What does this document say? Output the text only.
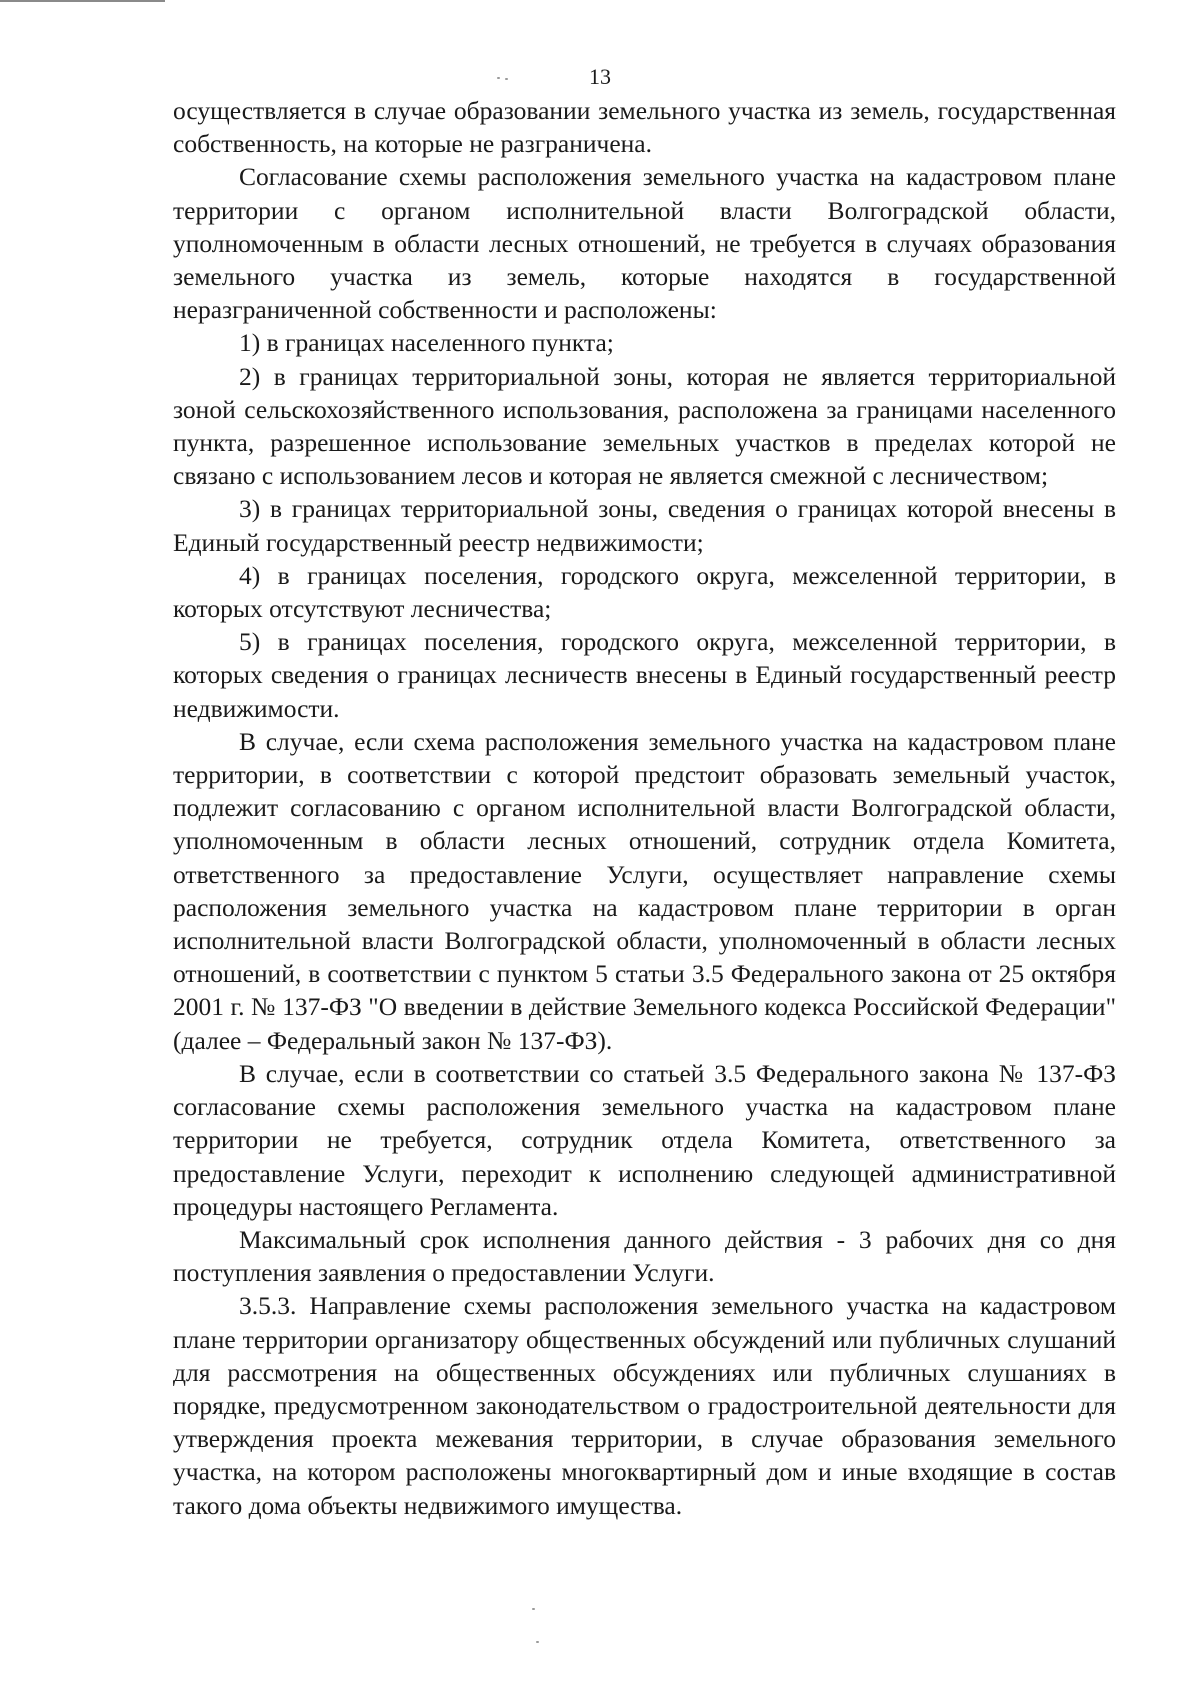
13

осуществляется в случае образовании земельного участка из земель, государственная собственность, на которые не разграничена.

Согласование схемы расположения земельного участка на кадастровом плане территории с органом исполнительной власти Волгоградской области, уполномоченным в области лесных отношений, не требуется в случаях образования земельного участка из земель, которые находятся в государственной неразграниченной собственности и расположены:

1) в границах населенного пункта;

2) в границах территориальной зоны, которая не является территориальной зоной сельскохозяйственного использования, расположена за границами населенного пункта, разрешенное использование земельных участков в пределах которой не связано с использованием лесов и которая не является смежной с лесничеством;

3) в границах территориальной зоны, сведения о границах которой внесены в Единый государственный реестр недвижимости;

4) в границах поселения, городского округа, межселенной территории, в которых отсутствуют лесничества;

5) в границах поселения, городского округа, межселенной территории, в которых сведения о границах лесничеств внесены в Единый государственный реестр недвижимости.

В случае, если схема расположения земельного участка на кадастровом плане территории, в соответствии с которой предстоит образовать земельный участок, подлежит согласованию с органом исполнительной власти Волгоградской области, уполномоченным в области лесных отношений, сотрудник отдела Комитета, ответственного за предоставление Услуги, осуществляет направление схемы расположения земельного участка на кадастровом плане территории в орган исполнительной власти Волгоградской области, уполномоченный в области лесных отношений, в соответствии с пунктом 5 статьи 3.5 Федерального закона от 25 октября 2001 г. № 137-ФЗ "О введении в действие Земельного кодекса Российской Федерации" (далее – Федеральный закон № 137-ФЗ).

В случае, если в соответствии со статьей 3.5 Федерального закона № 137-ФЗ согласование схемы расположения земельного участка на кадастровом плане территории не требуется, сотрудник отдела Комитета, ответственного за предоставление Услуги, переходит к исполнению следующей административной процедуры настоящего Регламента.

Максимальный срок исполнения данного действия - 3 рабочих дня со дня поступления заявления о предоставлении Услуги.

3.5.3. Направление схемы расположения земельного участка на кадастровом плане территории организатору общественных обсуждений или публичных слушаний для рассмотрения на общественных обсуждениях или публичных слушаниях в порядке, предусмотренном законодательством о градостроительной деятельности для утверждения проекта межевания территории, в случае образования земельного участка, на котором расположены многоквартирный дом и иные входящие в состав такого дома объекты недвижимого имущества.
